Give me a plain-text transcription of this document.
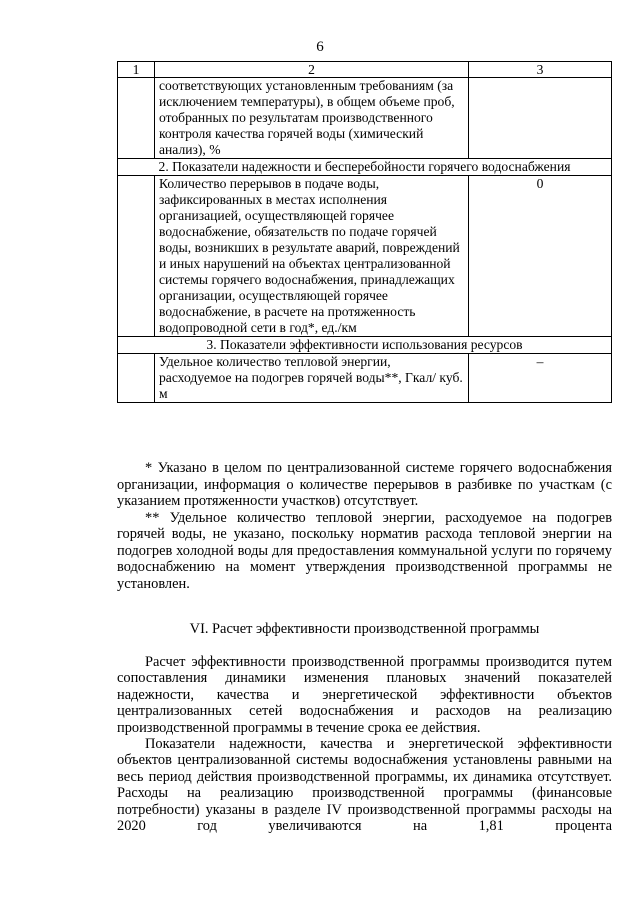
6
1	2	3
	соответствующих установленным требованиям (за исключением температуры), в общем объеме проб, отобранных по результатам производственного контроля качества горячей воды (химический анализ), %	
2. Показатели надежности и бесперебойности горячего водоснабжения		
	Количество перерывов в подаче воды, зафиксированных в местах исполнения организацией, осуществляющей горячее водоснабжение, обязательств по подаче горячей воды, возникших в результате аварий, повреждений и иных нарушений на объектах централизованной системы горячего водоснабжения, принадлежащих организации, осуществляющей горячее водоснабжение, в расчете на протяженность водопроводной сети в год*, ед./км	0
3. Показатели эффективности использования ресурсов		
	Удельное количество тепловой энергии, расходуемое на подогрев горячей воды**, Гкал/ куб. м	–

* Указано в целом по централизованной системе горячего водоснабжения организации, информация о количестве перерывов в разбивке по участкам (с указанием протяженности участков) отсутствует.

** Удельное количество тепловой энергии, расходуемое на подогрев горячей воды, не указано, поскольку норматив расхода тепловой энергии на подогрев холодной воды для предоставления коммунальной услуги по горячему водоснабжению на момент утверждения производственной программы не установлен.

VI. Расчет эффективности производственной программы

Расчет эффективности производственной программы производится путем сопоставления динамики изменения плановых значений показателей надежности, качества и энергетической эффективности объектов централизованных сетей водоснабжения и расходов на реализацию производственной программы в течение срока ее действия.

Показатели надежности, качества и энергетической эффективности объектов централизованной системы водоснабжения установлены равными на весь период действия производственной программы, их динамика отсутствует. Расходы на реализацию производственной программы (финансовые потребности) указаны в разделе IV производственной программы расходы на 2020 год увеличиваются на 1,81 процента
